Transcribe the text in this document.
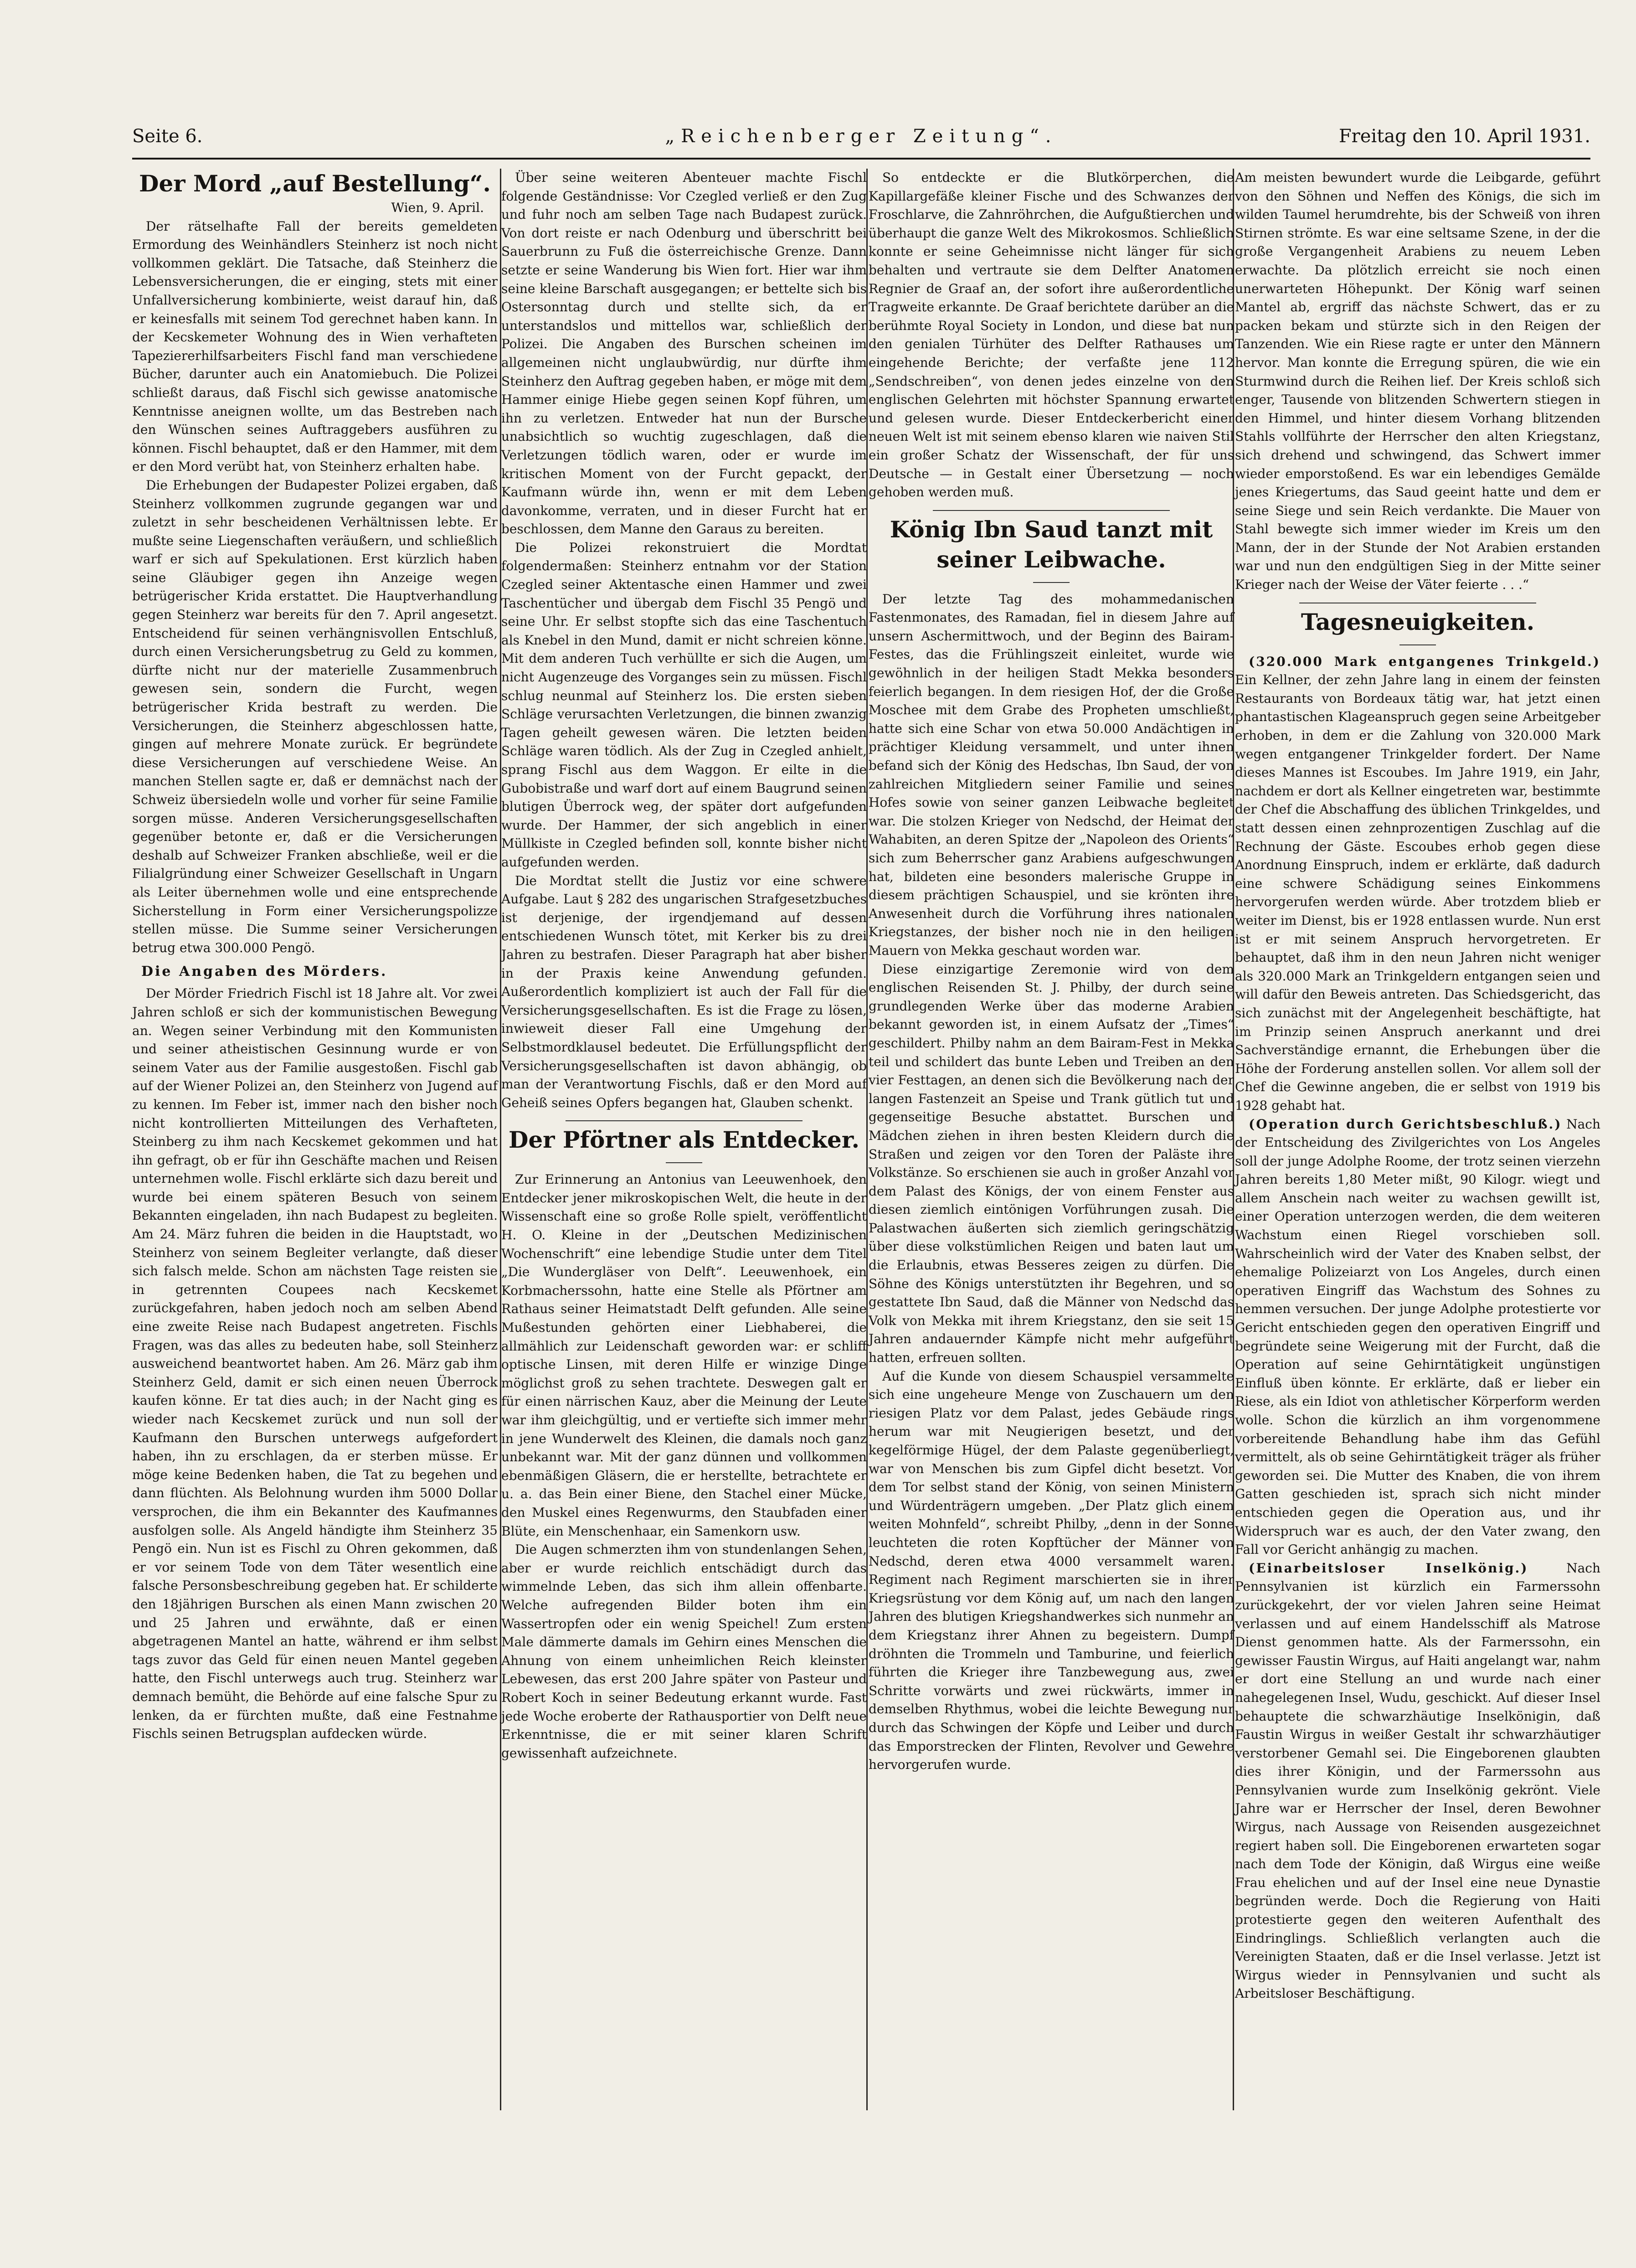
Seite 6.	„Reichenberger Zeitung“.	Freitag den 10. April 1931.
Der Mord „auf Bestellung“.

Wien, 9. April.

Der rätselhafte Fall der bereits gemeldeten Ermordung des Weinhändlers Steinherz ist noch nicht vollkommen geklärt. Die Tatsache, daß Steinherz die Lebensversicherungen, die er einging, stets mit einer Unfallversicherung kombinierte, weist darauf hin, daß er keinesfalls mit seinem Tod gerechnet haben kann. In der Kecskemeter Wohnung des in Wien verhafteten Tapeziererhilfsarbeiters Fischl fand man verschiedene Bücher, darunter auch ein Anatomiebuch. Die Polizei schließt daraus, daß Fischl sich gewisse anatomische Kenntnisse aneignen wollte, um das Bestreben nach den Wünschen seines Auftraggebers ausführen zu können. Fischl behauptet, daß er den Hammer, mit dem er den Mord verübt hat, von Steinherz erhalten habe.

Die Erhebungen der Budapester Polizei ergaben, daß Steinherz vollkommen zugrunde gegangen war und zuletzt in sehr bescheidenen Verhältnissen lebte. Er mußte seine Liegenschaften veräußern, und schließlich warf er sich auf Spekulationen. Erst kürzlich haben seine Gläubiger gegen ihn Anzeige wegen betrügerischer Krida erstattet. Die Hauptverhandlung gegen Steinherz war bereits für den 7. April angesetzt. Entscheidend für seinen verhängnisvollen Entschluß, durch einen Versicherungsbetrug zu Geld zu kommen, dürfte nicht nur der materielle Zusammenbruch gewesen sein, sondern die Furcht, wegen betrügerischer Krida bestraft zu werden. Die Versicherungen, die Steinherz abgeschlossen hatte, gingen auf mehrere Monate zurück. Er begründete diese Versicherungen auf verschiedene Weise. An manchen Stellen sagte er, daß er demnächst nach der Schweiz übersiedeln wolle und vorher für seine Familie sorgen müsse. Anderen Versicherungsgesellschaften gegenüber betonte er, daß er die Versicherungen deshalb auf Schweizer Franken abschließe, weil er die Filialgründung einer Schweizer Gesellschaft in Ungarn als Leiter übernehmen wolle und eine entsprechende Sicherstellung in Form einer Versicherungspolizze stellen müsse. Die Summe seiner Versicherungen betrug etwa 300.000 Pengö.

Die Angaben des Mörders.

Der Mörder Friedrich Fischl ist 18 Jahre alt. Vor zwei Jahren schloß er sich der kommunistischen Bewegung an. Wegen seiner Verbindung mit den Kommunisten und seiner atheistischen Gesinnung wurde er von seinem Vater aus der Familie ausgestoßen. Fischl gab auf der Wiener Polizei an, den Steinherz von Jugend auf zu kennen. Im Feber ist, immer nach den bisher noch nicht kontrollierten Mitteilungen des Verhafteten, Steinberg zu ihm nach Kecskemet gekommen und hat ihn gefragt, ob er für ihn Geschäfte machen und Reisen unternehmen wolle. Fischl erklärte sich dazu bereit und wurde bei einem späteren Besuch von seinem Bekannten eingeladen, ihn nach Budapest zu begleiten. Am 24. März fuhren die beiden in die Hauptstadt, wo Steinherz von seinem Begleiter verlangte, daß dieser sich falsch melde. Schon am nächsten Tage reisten sie in getrennten Coupees nach Kecskemet zurückgefahren, haben jedoch noch am selben Abend eine zweite Reise nach Budapest angetreten. Fischls Fragen, was das alles zu bedeuten habe, soll Steinherz ausweichend beantwortet haben. Am 26. März gab ihm Steinherz Geld, damit er sich einen neuen Überrock kaufen könne. Er tat dies auch; in der Nacht ging es wieder nach Kecskemet zurück und nun soll der Kaufmann den Burschen unterwegs aufgefordert haben, ihn zu erschlagen, da er sterben müsse. Er möge keine Bedenken haben, die Tat zu begehen und dann flüchten. Als Belohnung wurden ihm 5000 Dollar versprochen, die ihm ein Bekannter des Kaufmannes ausfolgen solle. Als Angeld händigte ihm Steinherz 35 Pengö ein. Nun ist es Fischl zu Ohren gekommen, daß er vor seinem Tode von dem Täter wesentlich eine falsche Personsbeschreibung gegeben hat. Er schilderte den 18jährigen Burschen als einen Mann zwischen 20 und 25 Jahren und erwähnte, daß er einen abgetragenen Mantel an hatte, während er ihm selbst tags zuvor das Geld für einen neuen Mantel gegeben hatte, den Fischl unterwegs auch trug. Steinherz war demnach bemüht, die Behörde auf eine falsche Spur zu lenken, da er fürchten mußte, daß eine Festnahme Fischls seinen Betrugsplan aufdecken würde.

Über seine weiteren Abenteuer machte Fischl folgende Geständnisse: Vor Czegled verließ er den Zug und fuhr noch am selben Tage nach Budapest zurück. Von dort reiste er nach Odenburg und überschritt bei Sauerbrunn zu Fuß die österreichische Grenze. Dann setzte er seine Wanderung bis Wien fort. Hier war ihm seine kleine Barschaft ausgegangen; er bettelte sich bis Ostersonntag durch und stellte sich, da er unterstandslos und mittellos war, schließlich der Polizei. Die Angaben des Burschen scheinen im allgemeinen nicht unglaubwürdig, nur dürfte ihm Steinherz den Auftrag gegeben haben, er möge mit dem Hammer einige Hiebe gegen seinen Kopf führen, um ihn zu verletzen. Entweder hat nun der Bursche unabsichtlich so wuchtig zugeschlagen, daß die Verletzungen tödlich waren, oder er wurde im kritischen Moment von der Furcht gepackt, der Kaufmann würde ihn, wenn er mit dem Leben davonkomme, verraten, und in dieser Furcht hat er beschlossen, dem Manne den Garaus zu bereiten.

Die Polizei rekonstruiert die Mordtat folgendermaßen: Steinherz entnahm vor der Station Czegled seiner Aktentasche einen Hammer und zwei Taschentücher und übergab dem Fischl 35 Pengö und seine Uhr. Er selbst stopfte sich das eine Taschentuch als Knebel in den Mund, damit er nicht schreien könne. Mit dem anderen Tuch verhüllte er sich die Augen, um nicht Augenzeuge des Vorganges sein zu müssen. Fischl schlug neunmal auf Steinherz los. Die ersten sieben Schläge verursachten Verletzungen, die binnen zwanzig Tagen geheilt gewesen wären. Die letzten beiden Schläge waren tödlich. Als der Zug in Czegled anhielt, sprang Fischl aus dem Waggon. Er eilte in die Gubobistraße und warf dort auf einem Baugrund seinen blutigen Überrock weg, der später dort aufgefunden wurde. Der Hammer, der sich angeblich in einer Müllkiste in Czegled befinden soll, konnte bisher nicht aufgefunden werden.

Die Mordtat stellt die Justiz vor eine schwere Aufgabe. Laut § 282 des ungarischen Strafgesetzbuches ist derjenige, der irgendjemand auf dessen entschiedenen Wunsch tötet, mit Kerker bis zu drei Jahren zu bestrafen. Dieser Paragraph hat aber bisher in der Praxis keine Anwendung gefunden. Außerordentlich kompliziert ist auch der Fall für die Versicherungsgesellschaften. Es ist die Frage zu lösen, inwieweit dieser Fall eine Umgehung der Selbstmordklausel bedeutet. Die Erfüllungspflicht der Versicherungsgesellschaften ist davon abhängig, ob man der Verantwortung Fischls, daß er den Mord auf Geheiß seines Opfers begangen hat, Glauben schenkt.

Der Pförtner als Entdecker.

Zur Erinnerung an Antonius van Leeuwenhoek, den Entdecker jener mikroskopischen Welt, die heute in der Wissenschaft eine so große Rolle spielt, veröffentlicht H. O. Kleine in der „Deutschen Medizinischen Wochenschrift“ eine lebendige Studie unter dem Titel „Die Wundergläser von Delft“. Leeuwenhoek, ein Korbmacherssohn, hatte eine Stelle als Pförtner am Rathaus seiner Heimatstadt Delft gefunden. Alle seine Mußestunden gehörten einer Liebhaberei, die allmählich zur Leidenschaft geworden war: er schliff optische Linsen, mit deren Hilfe er winzige Dinge möglichst groß zu sehen trachtete. Deswegen galt er für einen närrischen Kauz, aber die Meinung der Leute war ihm gleichgültig, und er vertiefte sich immer mehr in jene Wunderwelt des Kleinen, die damals noch ganz unbekannt war. Mit der ganz dünnen und vollkommen ebenmäßigen Gläsern, die er herstellte, betrachtete er u. a. das Bein einer Biene, den Stachel einer Mücke, den Muskel eines Regenwurms, den Staubfaden einer Blüte, ein Menschenhaar, ein Samenkorn usw.

Die Augen schmerzten ihm von stundenlangen Sehen, aber er wurde reichlich entschädigt durch das wimmelnde Leben, das sich ihm allein offenbarte. Welche aufregenden Bilder boten ihm ein Wassertropfen oder ein wenig Speichel! Zum ersten Male dämmerte damals im Gehirn eines Menschen die Ahnung von einem unheimlichen Reich kleinster Lebewesen, das erst 200 Jahre später von Pasteur und Robert Koch in seiner Bedeutung erkannt wurde. Fast jede Woche eroberte der Rathausportier von Delft neue Erkenntnisse, die er mit seiner klaren Schrift gewissenhaft aufzeichnete.

So entdeckte er die Blutkörperchen, die Kapillargefäße kleiner Fische und des Schwanzes der Froschlarve, die Zahnröhrchen, die Aufgußtierchen und überhaupt die ganze Welt des Mikrokosmos. Schließlich konnte er seine Geheimnisse nicht länger für sich behalten und vertraute sie dem Delfter Anatomen Regnier de Graaf an, der sofort ihre außerordentliche Tragweite erkannte. De Graaf berichtete darüber an die berühmte Royal Society in London, und diese bat nun den genialen Türhüter des Delfter Rathauses um eingehende Berichte; der verfaßte jene 112 „Sendschreiben“, von denen jedes einzelne von den englischen Gelehrten mit höchster Spannung erwartet und gelesen wurde. Dieser Entdeckerbericht einer neuen Welt ist mit seinem ebenso klaren wie naiven Stil ein großer Schatz der Wissenschaft, der für uns Deutsche — in Gestalt einer Übersetzung — noch gehoben werden muß.

König Ibn Saud tanzt mit seiner Leibwache.

Der letzte Tag des mohammedanischen Fastenmonates, des Ramadan, fiel in diesem Jahre auf unsern Aschermittwoch, und der Beginn des Bairam-Festes, das die Frühlingszeit einleitet, wurde wie gewöhnlich in der heiligen Stadt Mekka besonders feierlich begangen. In dem riesigen Hof, der die Große Moschee mit dem Grabe des Propheten umschließt, hatte sich eine Schar von etwa 50.000 Andächtigen in prächtiger Kleidung versammelt, und unter ihnen befand sich der König des Hedschas, Ibn Saud, der von zahlreichen Mitgliedern seiner Familie und seines Hofes sowie von seiner ganzen Leibwache begleitet war. Die stolzen Krieger von Nedschd, der Heimat der Wahabiten, an deren Spitze der „Napoleon des Orients“ sich zum Beherrscher ganz Arabiens aufgeschwungen hat, bildeten eine besonders malerische Gruppe in diesem prächtigen Schauspiel, und sie krönten ihre Anwesenheit durch die Vorführung ihres nationalen Kriegstanzes, der bisher noch nie in den heiligen Mauern von Mekka geschaut worden war.

Diese einzigartige Zeremonie wird von dem englischen Reisenden St. J. Philby, der durch seine grundlegenden Werke über das moderne Arabien bekannt geworden ist, in einem Aufsatz der „Times“ geschildert. Philby nahm an dem Bairam-Fest in Mekka teil und schildert das bunte Leben und Treiben an den vier Festtagen, an denen sich die Bevölkerung nach der langen Fastenzeit an Speise und Trank gütlich tut und gegenseitige Besuche abstattet. Burschen und Mädchen ziehen in ihren besten Kleidern durch die Straßen und zeigen vor den Toren der Paläste ihre Volkstänze. So erschienen sie auch in großer Anzahl vor dem Palast des Königs, der von einem Fenster aus diesen ziemlich eintönigen Vorführungen zusah. Die Palastwachen äußerten sich ziemlich geringschätzig über diese volkstümlichen Reigen und baten laut um die Erlaubnis, etwas Besseres zeigen zu dürfen. Die Söhne des Königs unterstützten ihr Begehren, und so gestattete Ibn Saud, daß die Männer von Nedschd das Volk von Mekka mit ihrem Kriegstanz, den sie seit 15 Jahren andauernder Kämpfe nicht mehr aufgeführt hatten, erfreuen sollten.

Auf die Kunde von diesem Schauspiel versammelte sich eine ungeheure Menge von Zuschauern um den riesigen Platz vor dem Palast, jedes Gebäude rings herum war mit Neugierigen besetzt, und der kegelförmige Hügel, der dem Palaste gegenüberliegt, war von Menschen bis zum Gipfel dicht besetzt. Vor dem Tor selbst stand der König, von seinen Ministern und Würdenträgern umgeben. „Der Platz glich einem weiten Mohnfeld“, schreibt Philby, „denn in der Sonne leuchteten die roten Kopftücher der Männer von Nedschd, deren etwa 4000 versammelt waren. Regiment nach Regiment marschierten sie in ihrer Kriegsrüstung vor dem König auf, um nach den langen Jahren des blutigen Kriegshandwerkes sich nunmehr an dem Kriegstanz ihrer Ahnen zu begeistern. Dumpf dröhnten die Trommeln und Tamburine, und feierlich führten die Krieger ihre Tanzbewegung aus, zwei Schritte vorwärts und zwei rückwärts, immer in demselben Rhythmus, wobei die leichte Bewegung nur durch das Schwingen der Köpfe und Leiber und durch das Emporstrecken der Flinten, Revolver und Gewehre hervorgerufen wurde.

Am meisten bewundert wurde die Leibgarde, geführt von den Söhnen und Neffen des Königs, die sich im wilden Taumel herumdrehte, bis der Schweiß von ihren Stirnen strömte. Es war eine seltsame Szene, in der die große Vergangenheit Arabiens zu neuem Leben erwachte. Da plötzlich erreicht sie noch einen unerwarteten Höhepunkt. Der König warf seinen Mantel ab, ergriff das nächste Schwert, das er zu packen bekam und stürzte sich in den Reigen der Tanzenden. Wie ein Riese ragte er unter den Männern hervor. Man konnte die Erregung spüren, die wie ein Sturmwind durch die Reihen lief. Der Kreis schloß sich enger, Tausende von blitzenden Schwertern stiegen in den Himmel, und hinter diesem Vorhang blitzenden Stahls vollführte der Herrscher den alten Kriegstanz, sich drehend und schwingend, das Schwert immer wieder emporstoßend. Es war ein lebendiges Gemälde jenes Kriegertums, das Saud geeint hatte und dem er seine Siege und sein Reich verdankte. Die Mauer von Stahl bewegte sich immer wieder im Kreis um den Mann, der in der Stunde der Not Arabien erstanden war und nun den endgültigen Sieg in der Mitte seiner Krieger nach der Weise der Väter feierte . . .“

Tagesneuigkeiten.

(320.000 Mark entgangenes Trinkgeld.) Ein Kellner, der zehn Jahre lang in einem der feinsten Restaurants von Bordeaux tätig war, hat jetzt einen phantastischen Klageanspruch gegen seine Arbeitgeber erhoben, in dem er die Zahlung von 320.000 Mark wegen entgangener Trinkgelder fordert. Der Name dieses Mannes ist Escoubes. Im Jahre 1919, ein Jahr, nachdem er dort als Kellner eingetreten war, bestimmte der Chef die Abschaffung des üblichen Trinkgeldes, und statt dessen einen zehnprozentigen Zuschlag auf die Rechnung der Gäste. Escoubes erhob gegen diese Anordnung Einspruch, indem er erklärte, daß dadurch eine schwere Schädigung seines Einkommens hervorgerufen werden würde. Aber trotzdem blieb er weiter im Dienst, bis er 1928 entlassen wurde. Nun erst ist er mit seinem Anspruch hervorgetreten. Er behauptet, daß ihm in den neun Jahren nicht weniger als 320.000 Mark an Trinkgeldern entgangen seien und will dafür den Beweis antreten. Das Schiedsgericht, das sich zunächst mit der Angelegenheit beschäftigte, hat im Prinzip seinen Anspruch anerkannt und drei Sachverständige ernannt, die Erhebungen über die Höhe der Forderung anstellen sollen. Vor allem soll der Chef die Gewinne angeben, die er selbst von 1919 bis 1928 gehabt hat.

(Operation durch Gerichtsbeschluß.) Nach der Entscheidung des Zivilgerichtes von Los Angeles soll der junge Adolphe Roome, der trotz seinen vierzehn Jahren bereits 1,80 Meter mißt, 90 Kilogr. wiegt und allem Anschein nach weiter zu wachsen gewillt ist, einer Operation unterzogen werden, die dem weiteren Wachstum einen Riegel vorschieben soll. Wahrscheinlich wird der Vater des Knaben selbst, der ehemalige Polizeiarzt von Los Angeles, durch einen operativen Eingriff das Wachstum des Sohnes zu hemmen versuchen. Der junge Adolphe protestierte vor Gericht entschieden gegen den operativen Eingriff und begründete seine Weigerung mit der Furcht, daß die Operation auf seine Gehirntätigkeit ungünstigen Einfluß üben könnte. Er erklärte, daß er lieber ein Riese, als ein Idiot von athletischer Körperform werden wolle. Schon die kürzlich an ihm vorgenommene vorbereitende Behandlung habe ihm das Gefühl vermittelt, als ob seine Gehirntätigkeit träger als früher geworden sei. Die Mutter des Knaben, die von ihrem Gatten geschieden ist, sprach sich nicht minder entschieden gegen die Operation aus, und ihr Widerspruch war es auch, der den Vater zwang, den Fall vor Gericht anhängig zu machen.

(Einarbeitsloser Inselkönig.)	Nach Pennsylvanien ist kürzlich ein Farmerssohn zurückgekehrt, der vor vielen Jahren seine Heimat verlassen und auf einem Handelsschiff als Matrose Dienst genommen hatte. Als der Farmerssohn, ein gewisser Faustin Wirgus, auf Haiti angelangt war, nahm er dort eine Stellung an und wurde nach einer nahegelegenen Insel, Wudu, geschickt. Auf dieser Insel behauptete die schwarzhäutige Inselkönigin, daß Faustin Wirgus in weißer Gestalt ihr schwarzhäutiger verstorbener Gemahl sei. Die Eingeborenen glaubten dies ihrer Königin, und der Farmerssohn aus Pennsylvanien wurde zum Inselkönig gekrönt. Viele Jahre war er Herrscher der Insel, deren Bewohner Wirgus, nach Aussage von Reisenden ausgezeichnet regiert haben soll. Die Eingeborenen erwarteten sogar nach dem Tode der Königin, daß Wirgus eine weiße Frau ehelichen und auf der Insel eine neue Dynastie begründen werde. Doch die Regierung von Haiti protestierte gegen den weiteren Aufenthalt des Eindringlings. Schließlich verlangten auch die Vereinigten Staaten, daß er die Insel verlasse. Jetzt ist Wirgus wieder in Pennsylvanien und sucht als Arbeitsloser Beschäftigung.
